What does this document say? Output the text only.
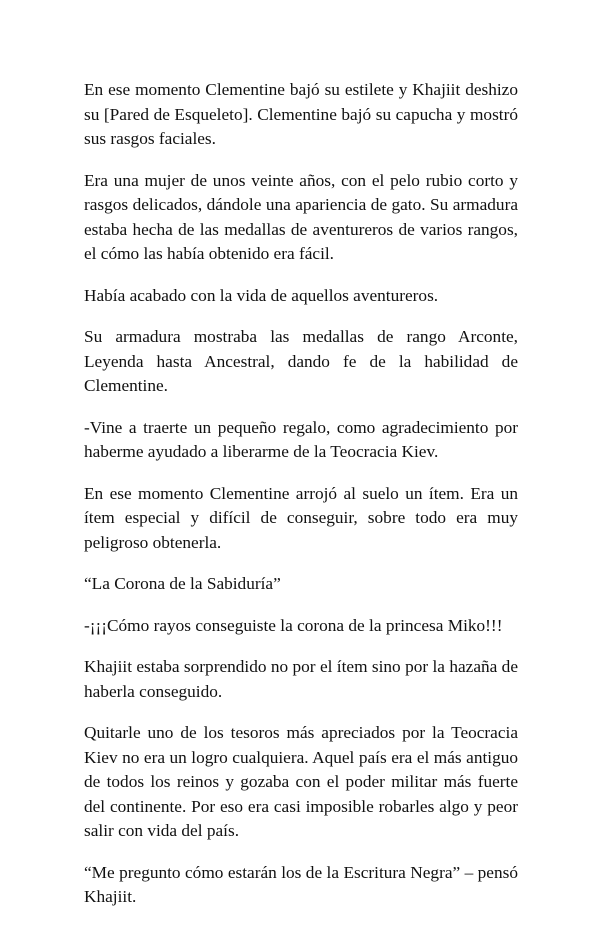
En ese momento Clementine bajó su estilete y Khajiit deshizo su [Pared de Esqueleto]. Clementine bajó su capucha y mostró sus rasgos faciales.

Era una mujer de unos veinte años, con el pelo rubio corto y rasgos delicados, dándole una apariencia de gato. Su armadura estaba hecha de las medallas de aventureros de varios rangos, el cómo las había obtenido era fácil.

Había acabado con la vida de aquellos aventureros.

Su armadura mostraba las medallas de rango Arconte, Leyenda hasta Ancestral, dando fe de la habilidad de Clementine.

-Vine a traerte un pequeño regalo, como agradecimiento por haberme ayudado a liberarme de la Teocracia Kiev.

En ese momento Clementine arrojó al suelo un ítem. Era un ítem especial y difícil de conseguir, sobre todo era muy peligroso obtenerla.

“La Corona de la Sabiduría”

-¡¡¡Cómo rayos conseguiste la corona de la princesa Miko!!!

Khajiit estaba sorprendido no por el ítem sino por la hazaña de haberla conseguido.

Quitarle uno de los tesoros más apreciados por la Teocracia Kiev no era un logro cualquiera. Aquel país era el más antiguo de todos los reinos y gozaba con el poder militar más fuerte del continente. Por eso era casi imposible robarles algo y peor salir con vida del país.

“Me pregunto cómo estarán los de la Escritura Negra” – pensó Khajiit.
